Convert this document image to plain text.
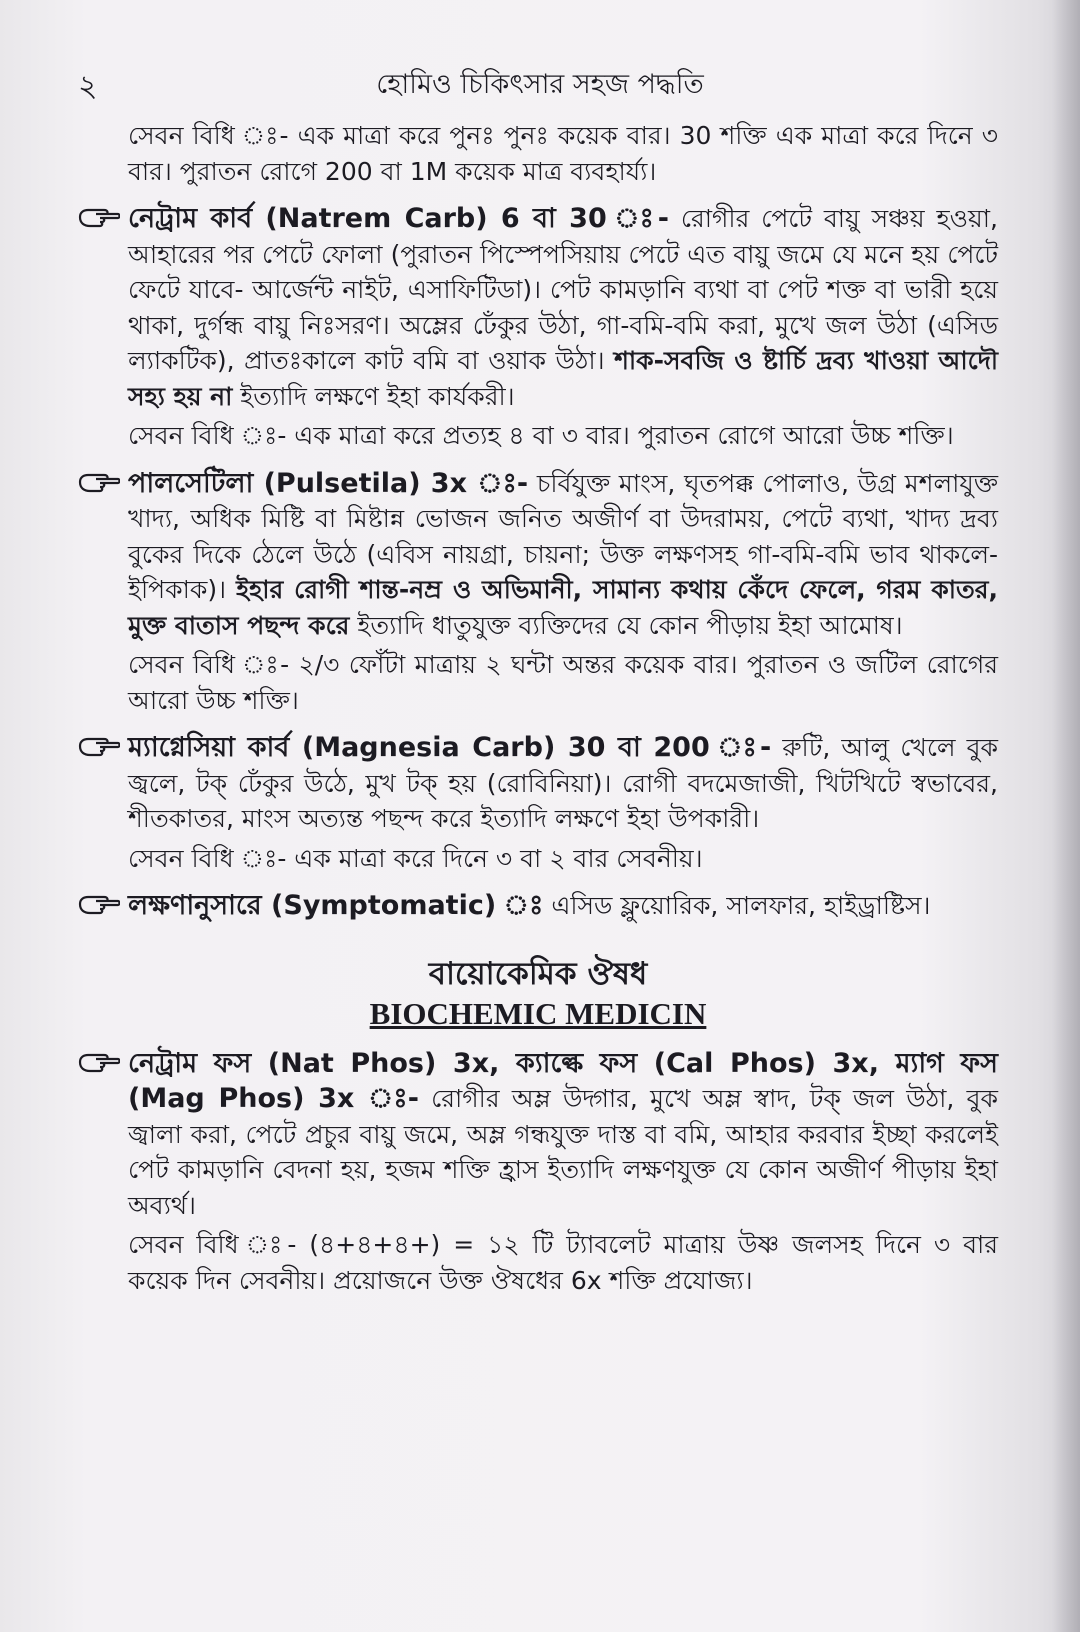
২	হোমিও চিকিৎসার সহজ পদ্ধতি

সেবন বিধি ঃ- এক মাত্রা করে পুনঃ পুনঃ কয়েক বার। 30 শক্তি এক মাত্রা করে দিনে ৩ বার। পুরাতন রোগে 200 বা 1M কয়েক মাত্র ব্যবহার্য্য।

নেট্রাম কার্ব (Natrem Carb) 6 বা 30 ঃ- রোগীর পেটে বায়ু সঞ্চয় হওয়া, আহারের পর পেটে ফোলা (পুরাতন পিস্পেপসিয়ায় পেটে এত বায়ু জমে যে মনে হয় পেটে ফেটে যাবে- আর্জেন্ট নাইট, এসাফিটিডা)। পেট কামড়ানি ব্যথা বা পেট শক্ত বা ভারী হয়ে থাকা, দুর্গন্ধ বায়ু নিঃসরণ। অম্লের ঢেঁকুর উঠা, গা-বমি-বমি করা, মুখে জল উঠা (এসিড ল্যাকটিক), প্রাতঃকালে কাট বমি বা ওয়াক উঠা। শাক-সবজি ও ষ্টার্চি দ্রব্য খাওয়া আদৌ সহ্য হয় না ইত্যাদি লক্ষণে ইহা কার্যকরী।

সেবন বিধি ঃ- এক মাত্রা করে প্রত্যহ ৪ বা ৩ বার। পুরাতন রোগে আরো উচ্চ শক্তি।

পালসেটিলা (Pulsetila) 3x ঃ- চর্বিযুক্ত মাংস, ঘৃতপক্ক পোলাও, উগ্র মশলাযুক্ত খাদ্য, অধিক মিষ্টি বা মিষ্টান্ন ভোজন জনিত অজীর্ণ বা উদরাময়, পেটে ব্যথা, খাদ্য দ্রব্য বুকের দিকে ঠেলে উঠে (এবিস নায়গ্রা, চায়না; উক্ত লক্ষণসহ গা-বমি-বমি ভাব থাকলে-ইপিকাক)। ইহার রোগী শান্ত-নম্র ও অভিমানী, সামান্য কথায় কেঁদে ফেলে, গরম কাতর, মুক্ত বাতাস পছন্দ করে ইত্যাদি ধাতুযুক্ত ব্যক্তিদের যে কোন পীড়ায় ইহা আমোষ।

সেবন বিধি ঃ- ২/৩ ফোঁটা মাত্রায় ২ ঘন্টা অন্তর কয়েক বার। পুরাতন ও জটিল রোগের আরো উচ্চ শক্তি।

ম্যাগ্নেসিয়া কার্ব (Magnesia Carb) 30 বা 200 ঃ- রুটি, আলু খেলে বুক জ্বলে, টক্ ঢেঁকুর উঠে, মুখ টক্ হয় (রোবিনিয়া)। রোগী বদমেজাজী, খিটখিটে স্বভাবের, শীতকাতর, মাংস অত্যন্ত পছন্দ করে ইত্যাদি লক্ষণে ইহা উপকারী।

সেবন বিধি ঃ- এক মাত্রা করে দিনে ৩ বা ২ বার সেবনীয়।

লক্ষণানুসারে (Symptomatic) ঃ এসিড ফ্লুয়োরিক, সালফার, হাইড্রাষ্টিস।

বায়োকেমিক ঔষধ
BIOCHEMIC MEDICIN

নেট্রাম ফস (Nat Phos) 3x, ক্যাল্কে ফস (Cal Phos) 3x, ম্যাগ ফস (Mag Phos) 3x ঃ- রোগীর অম্ল উদ্গার, মুখে অম্ল স্বাদ, টক্ জল উঠা, বুক জ্বালা করা, পেটে প্রচুর বায়ু জমে, অম্ল গন্ধযুক্ত দাস্ত বা বমি, আহার করবার ইচ্ছা করলেই পেট কামড়ানি বেদনা হয়, হজম শক্তি হ্রাস ইত্যাদি লক্ষণযুক্ত যে কোন অজীর্ণ পীড়ায় ইহা অব্যর্থ।

সেবন বিধি ঃ- (৪+৪+৪+) = ১২ টি ট্যাবলেট মাত্রায় উষ্ণ জলসহ দিনে ৩ বার কয়েক দিন সেবনীয়। প্রয়োজনে উক্ত ঔষধের 6x শক্তি প্রযোজ্য।
